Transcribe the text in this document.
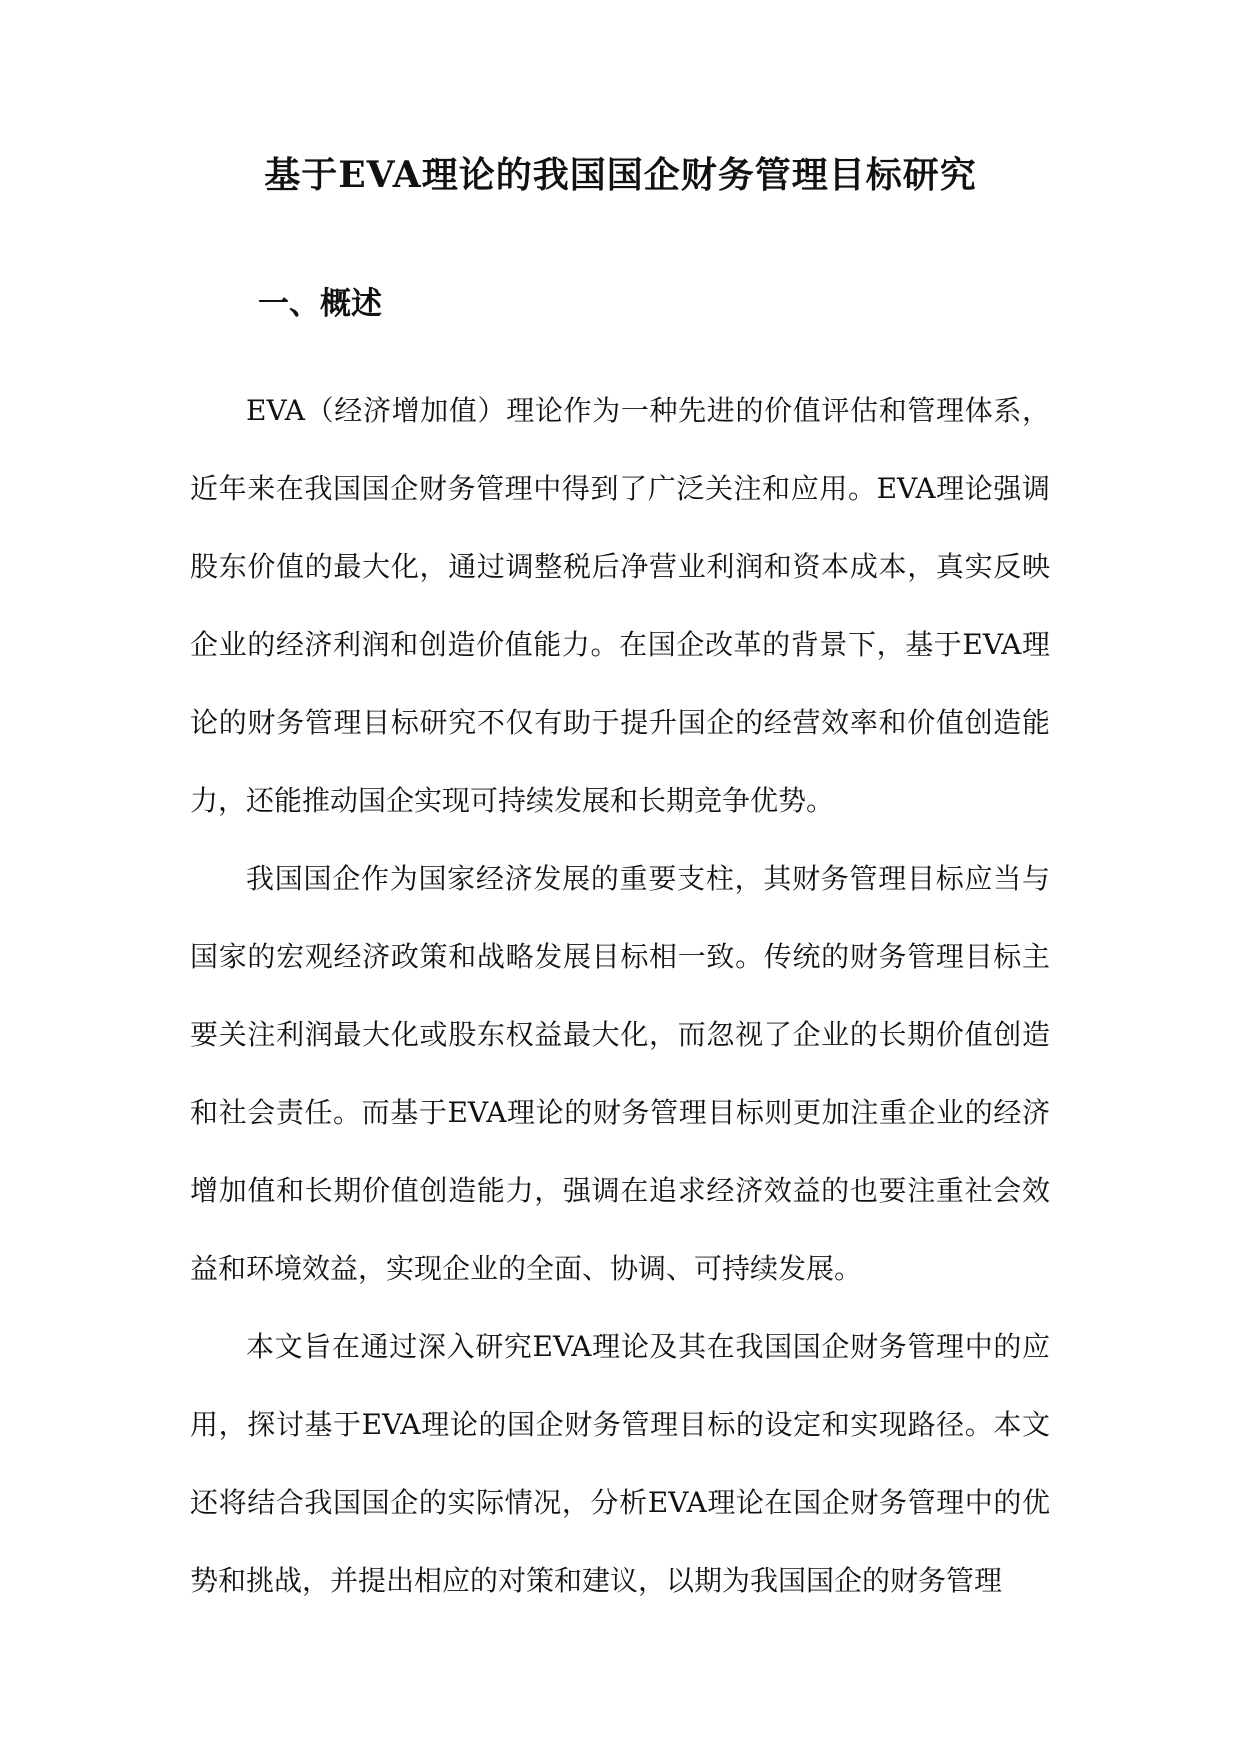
基于EVA理论的我国国企财务管理目标研究
一、概述

EVA（经济增加值）理论作为一种先进的价值评估和管理体系，近年来在我国国企财务管理中得到了广泛关注和应用。EVA理论强调股东价值的最大化，通过调整税后净营业利润和资本成本，真实反映企业的经济利润和创造价值能力。在国企改革的背景下，基于EVA理论的财务管理目标研究不仅有助于提升国企的经营效率和价值创造能力，还能推动国企实现可持续发展和长期竞争优势。

我国国企作为国家经济发展的重要支柱，其财务管理目标应当与国家的宏观经济政策和战略发展目标相一致。传统的财务管理目标主要关注利润最大化或股东权益最大化，而忽视了企业的长期价值创造和社会责任。而基于EVA理论的财务管理目标则更加注重企业的经济增加值和长期价值创造能力，强调在追求经济效益的也要注重社会效益和环境效益，实现企业的全面、协调、可持续发展。

本文旨在通过深入研究EVA理论及其在我国国企财务管理中的应用，探讨基于EVA理论的国企财务管理目标的设定和实现路径。本文还将结合我国国企的实际情况，分析EVA理论在国企财务管理中的优势和挑战，并提出相应的对策和建议，以期为我国国企的财务管理
